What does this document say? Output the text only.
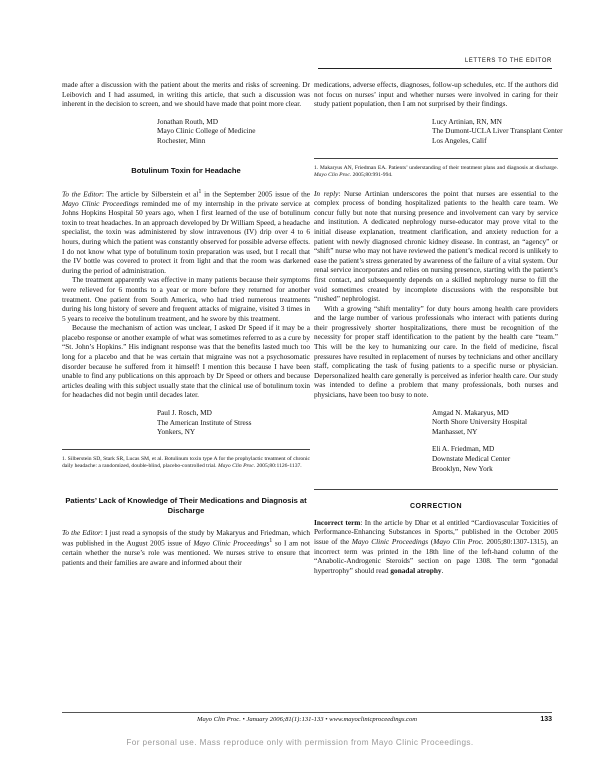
LETTERS TO THE EDITOR

made after a discussion with the patient about the merits and risks of screening. Dr Leibovich and I had assumed, in writing this article, that such a discussion was inherent in the decision to screen, and we should have made that point more clear.

Jonathan Routh, MD
Mayo Clinic College of Medicine
Rochester, Minn
Botulinum Toxin for Headache

To the Editor: The article by Silberstein et $al^1$ in the September 2005 issue of the Mayo Clinic Proceedings reminded me of my internship in the private service at Johns Hopkins Hospital 50 years ago, when I first learned of the use of botulinum toxin to treat headaches. In an approach developed by Dr William Speed, a headache specialist, the toxin was administered by slow intravenous (IV) drip over 4 to 6 hours, during which the patient was constantly observed for possible adverse effects. I do not know what type of botulinum toxin preparation was used, but I recall that the IV bottle was covered to protect it from light and that the room was darkened during the period of administration.

The treatment apparently was effective in many patients because their symptoms were relieved for 6 months to a year or more before they returned for another treatment. One patient from South America, who had tried numerous treatments during his long history of severe and frequent attacks of migraine, visited 3 times in 5 years to receive the botulinum treatment, and he swore by this treatment.

Because the mechanism of action was unclear, I asked Dr Speed if it may be a placebo response or another example of what was sometimes referred to as a cure by “St. John’s Hopkins.” His indignant response was that the benefits lasted much too long for a placebo and that he was certain that migraine was not a psychosomatic disorder because he suffered from it himself! I mention this because I have been unable to find any publications on this approach by Dr Speed or others and because articles dealing with this subject usually state that the clinical use of botulinum toxin for headaches did not begin until decades later.

Paul J. Rosch, MD
The American Institute of Stress
Yonkers, NY

1. Silberstein SD, Stark SR, Lucas SM, et al. Botulinum toxin type A for the prophylactic treatment of chronic daily headache: a randomized, double-blind, placebo-controlled trial. Mayo Clin Proc. 2005;80:1126-1137.

Patients’ Lack of Knowledge of Their Medications and Diagnosis at Discharge

To the Editor: I just read a synopsis of the study by Makaryus and Friedman, which was published in the August 2005 issue of Mayo Clinic Proceedings$^1$ so I am not certain whether the nurse’s role was mentioned. We nurses strive to ensure that patients and their families are aware and informed about their

medications, adverse effects, diagnoses, follow-up schedules, etc. If the authors did not focus on nurses’ input and whether nurses were involved in caring for their study patient population, then I am not surprised by their findings.

Lucy Artinian, RN, MN
The Dumont-UCLA Liver Transplant Center
Los Angeles, Calif

1. Makaryus AN, Friedman EA. Patients’ understanding of their treatment plans and diagnosis at discharge. Mayo Clin Proc. 2005;80:991-994.

In reply: Nurse Artinian underscores the point that nurses are essential to the complex process of bonding hospitalized patients to the health care team. We concur fully but note that nursing presence and involvement can vary by service and institution. A dedicated nephrology nurse-educator may prove vital to the initial disease explanation, treatment clarification, and anxiety reduction for a patient with newly diagnosed chronic kidney disease. In contrast, an “agency” or “shift” nurse who may not have reviewed the patient’s medical record is unlikely to ease the patient’s stress generated by awareness of the failure of a vital system. Our renal service incorporates and relies on nursing presence, starting with the patient’s first contact, and subsequently depends on a skilled nephrology nurse to fill the void sometimes created by incomplete discussions with the responsible but “rushed” nephrologist.

With a growing “shift mentality” for duty hours among health care providers and the large number of various professionals who interact with patients during their progressively shorter hospitalizations, there must be recognition of the necessity for proper staff identification to the patient by the health care “team.” This will be the key to humanizing our care. In the field of medicine, fiscal pressures have resulted in replacement of nurses by technicians and other ancillary staff, complicating the task of fusing patients to a specific nurse or physician. Depersonalized health care generally is perceived as inferior health care. Our study was intended to define a problem that many professionals, both nurses and physicians, have been too busy to note.

Amgad N. Makaryus, MD
North Shore University Hospital
Manhasset, NY
Eli A. Friedman, MD
Downstate Medical Center
Brooklyn, New York
CORRECTION

Incorrect term: In the article by Dhar et al entitled “Cardiovascular Toxicities of Performance-Enhancing Substances in Sports,” published in the October 2005 issue of the Mayo Clinic Proceedings (Mayo Clin Proc. 2005;80:1307-1315), an incorrect term was printed in the 18th line of the left-hand column of the “Anabolic-Androgenic Steroids” section on page 1308. The term “gonadal hypertrophy” should read gonadal atrophy.

Mayo Clin Proc. • January 2006;81(1):131-133 • www.mayoclinicproceedings.com	133
For personal use. Mass reproduce only with permission from Mayo Clinic Proceedings.
